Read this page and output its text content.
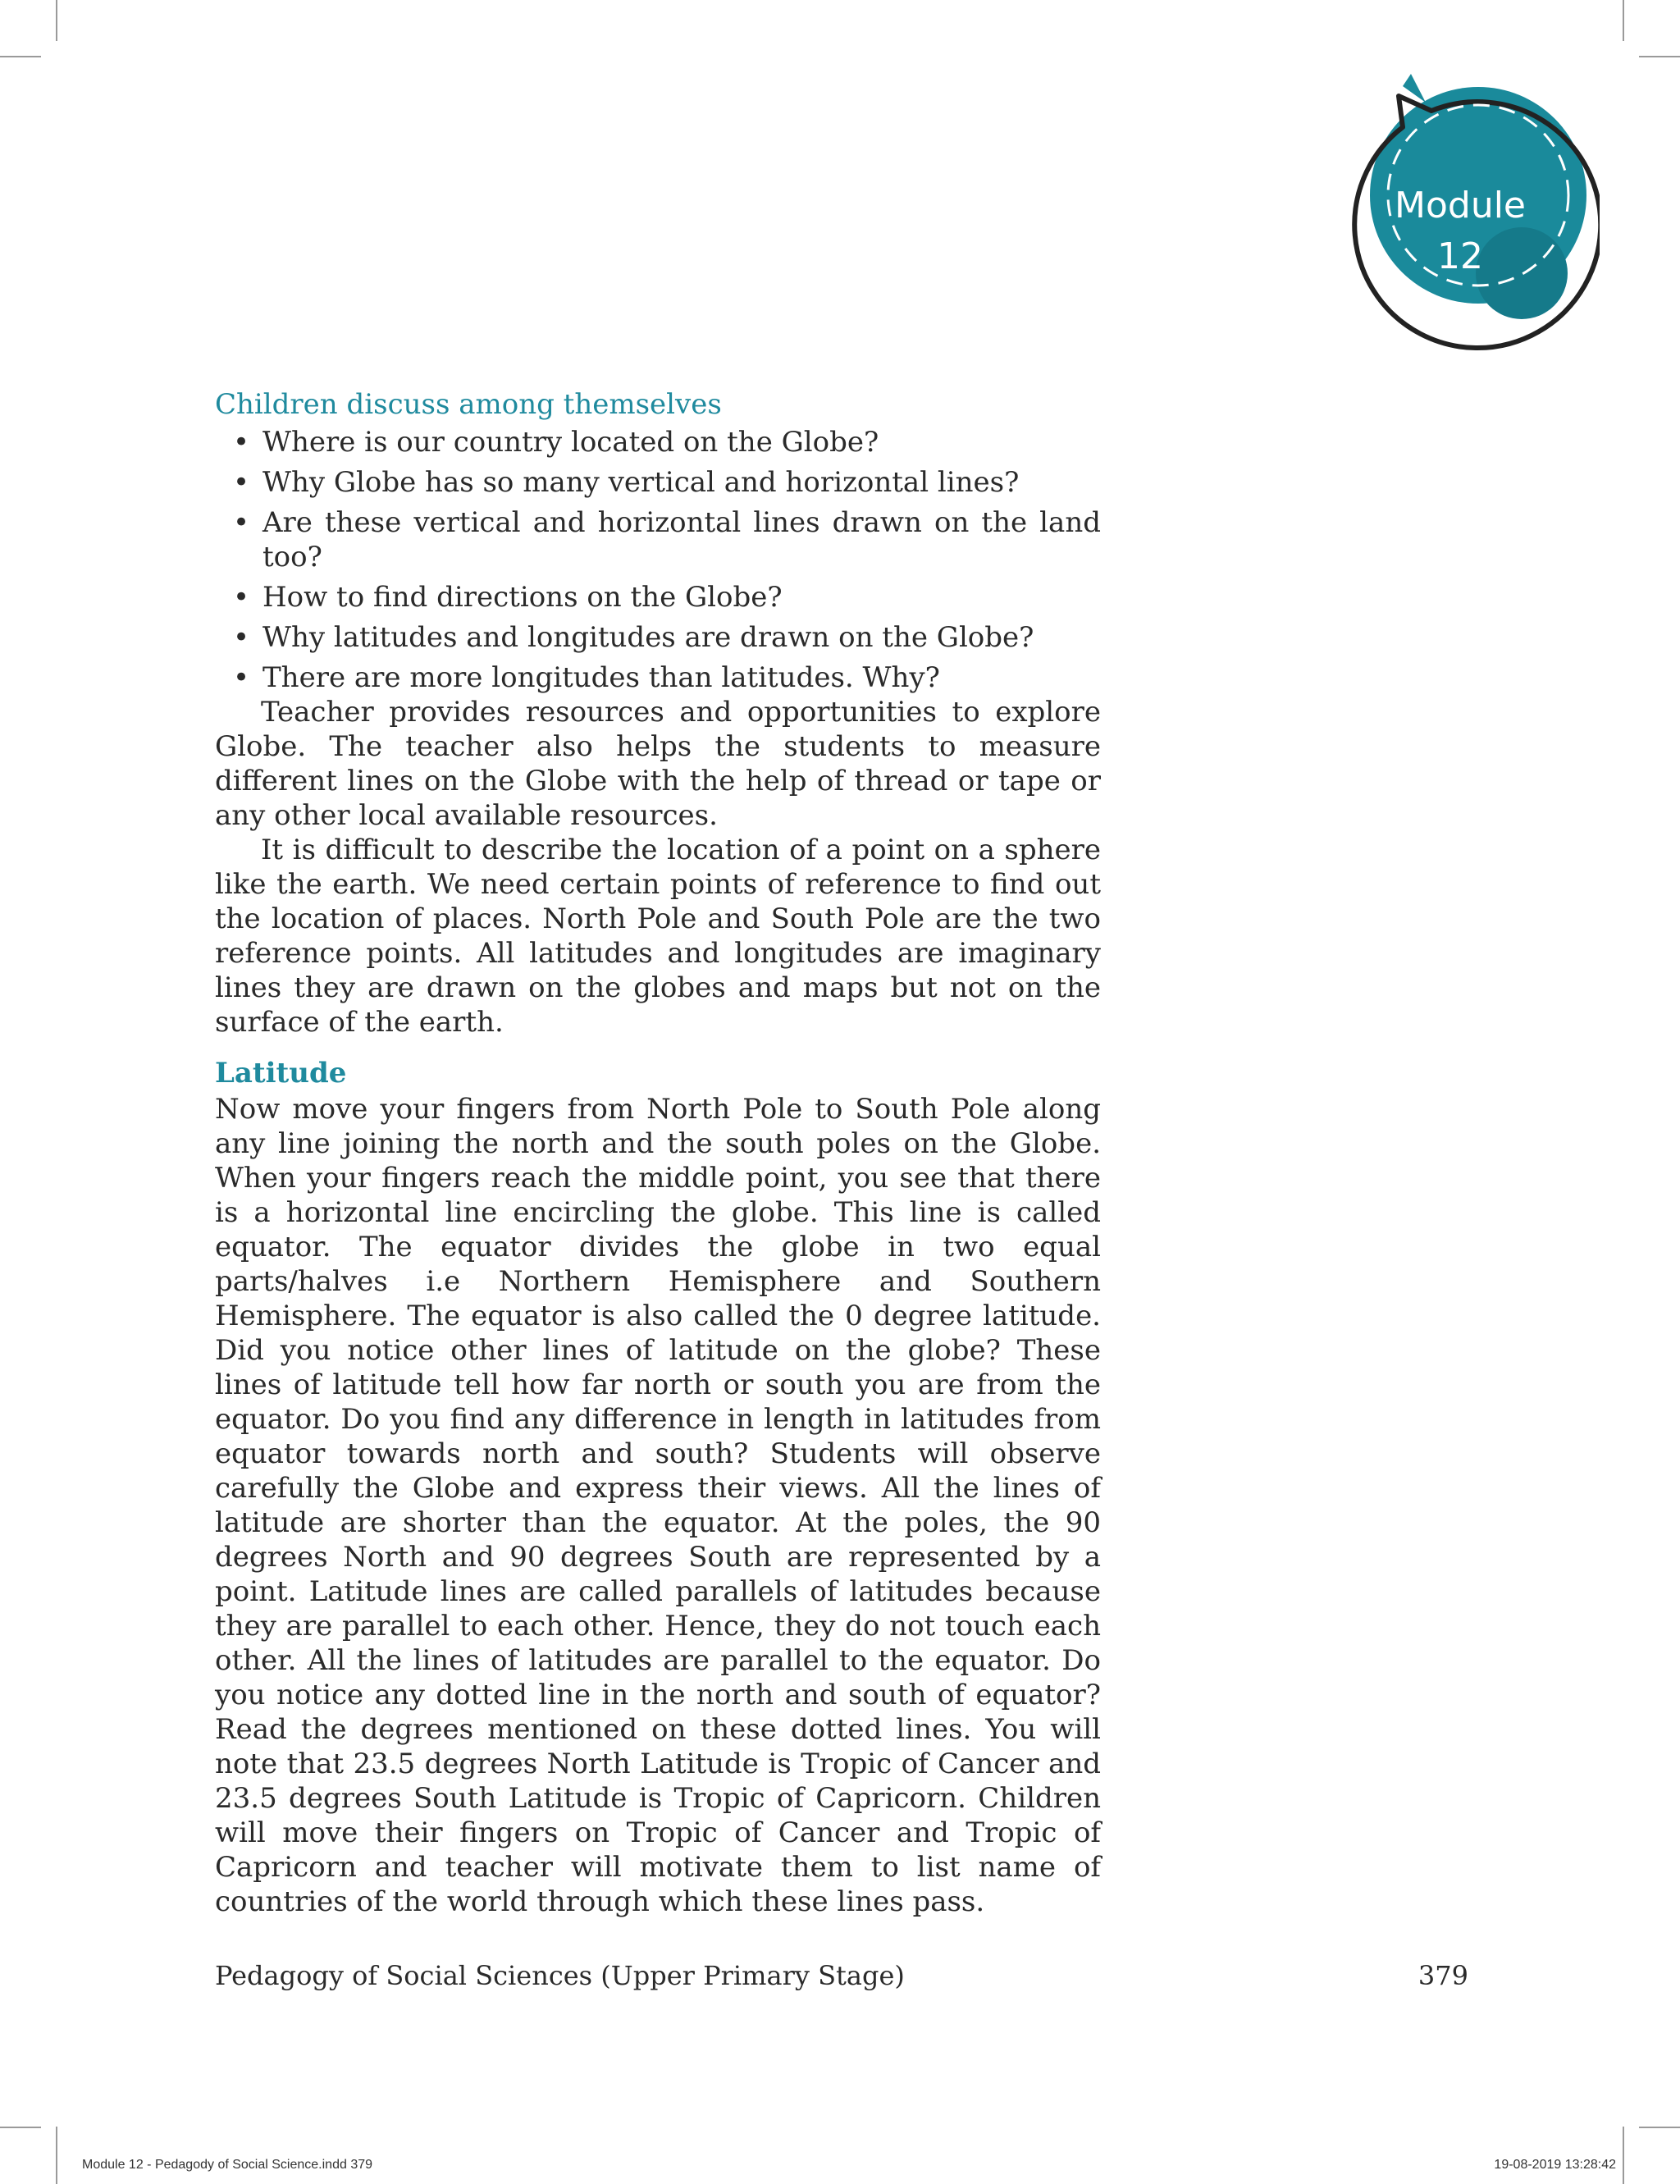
Module
12

Children discuss among themselves

• Where is our country located on the Globe?
• Why Globe has so many vertical and horizontal lines?
• Are these vertical and horizontal lines drawn on the land too?
• How to find directions on the Globe?
• Why latitudes and longitudes are drawn on the Globe?
• There are more longitudes than latitudes. Why?

Teacher provides resources and opportunities to explore Globe. The teacher also helps the students to measure different lines on the Globe with the help of thread or tape or any other local available resources.

It is difficult to describe the location of a point on a sphere like the earth. We need certain points of reference to find out the location of places. North Pole and South Pole are the two reference points. All latitudes and longitudes are imaginary lines they are drawn on the globes and maps but not on the surface of the earth.

Latitude

Now move your fingers from North Pole to South Pole along any line joining the north and the south poles on the Globe. When your fingers reach the middle point, you see that there is a horizontal line encircling the globe. This line is called equator. The equator divides the globe in two equal parts/halves i.e Northern Hemisphere and Southern Hemisphere. The equator is also called the 0 degree latitude. Did you notice other lines of latitude on the globe? These lines of latitude tell how far north or south you are from the equator. Do you find any difference in length in latitudes from equator towards north and south? Students will observe carefully the Globe and express their views. All the lines of latitude are shorter than the equator. At the poles, the 90 degrees North and 90 degrees South are represented by a point. Latitude lines are called parallels of latitudes because they are parallel to each other. Hence, they do not touch each other. All the lines of latitudes are parallel to the equator. Do you notice any dotted line in the north and south of equator? Read the degrees mentioned on these dotted lines. You will note that 23.5 degrees North Latitude is Tropic of Cancer and 23.5 degrees South Latitude is Tropic of Capricorn. Children will move their fingers on Tropic of Cancer and Tropic of Capricorn and teacher will motivate them to list name of countries of the world through which these lines pass.

Pedagogy of Social Sciences (Upper Primary Stage)	379
Module 12 - Pedagody of Social Science.indd 379	19-08-2019 13:28:42
